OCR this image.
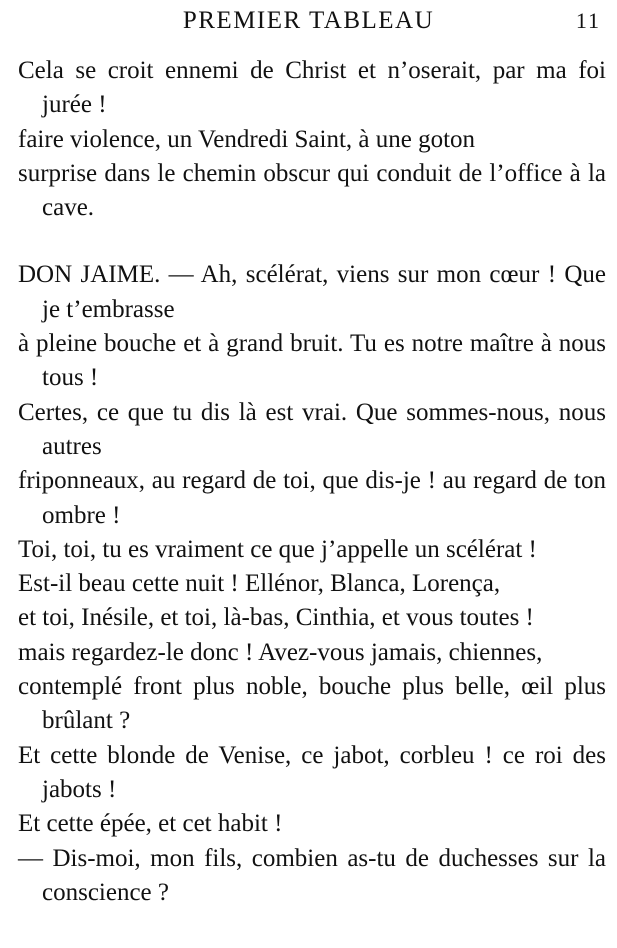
PREMIER TABLEAU	11

Cela se croit ennemi de Christ et n’oserait, par ma foi jurée !

faire violence, un Vendredi Saint, à une goton

surprise dans le chemin obscur qui conduit de l’office à la cave.

DON JAIME. — Ah, scélérat, viens sur mon cœur ! Que je t’embrasse

à pleine bouche et à grand bruit. Tu es notre maître à nous tous !

Certes, ce que tu dis là est vrai. Que sommes-nous, nous autres

friponneaux, au regard de toi, que dis-je ! au regard de ton ombre !

Toi, toi, tu es vraiment ce que j’appelle un scélérat !

Est-il beau cette nuit ! Ellénor, Blanca, Lorença,

et toi, Inésile, et toi, là-bas, Cinthia, et vous toutes !

mais regardez-le donc ! Avez-vous jamais, chiennes,

contemplé front plus noble, bouche plus belle, œil plus brûlant ?

Et cette blonde de Venise, ce jabot, corbleu ! ce roi des jabots !

Et cette épée, et cet habit !

— Dis-moi, mon fils, combien as-tu de duchesses sur la conscience ?
